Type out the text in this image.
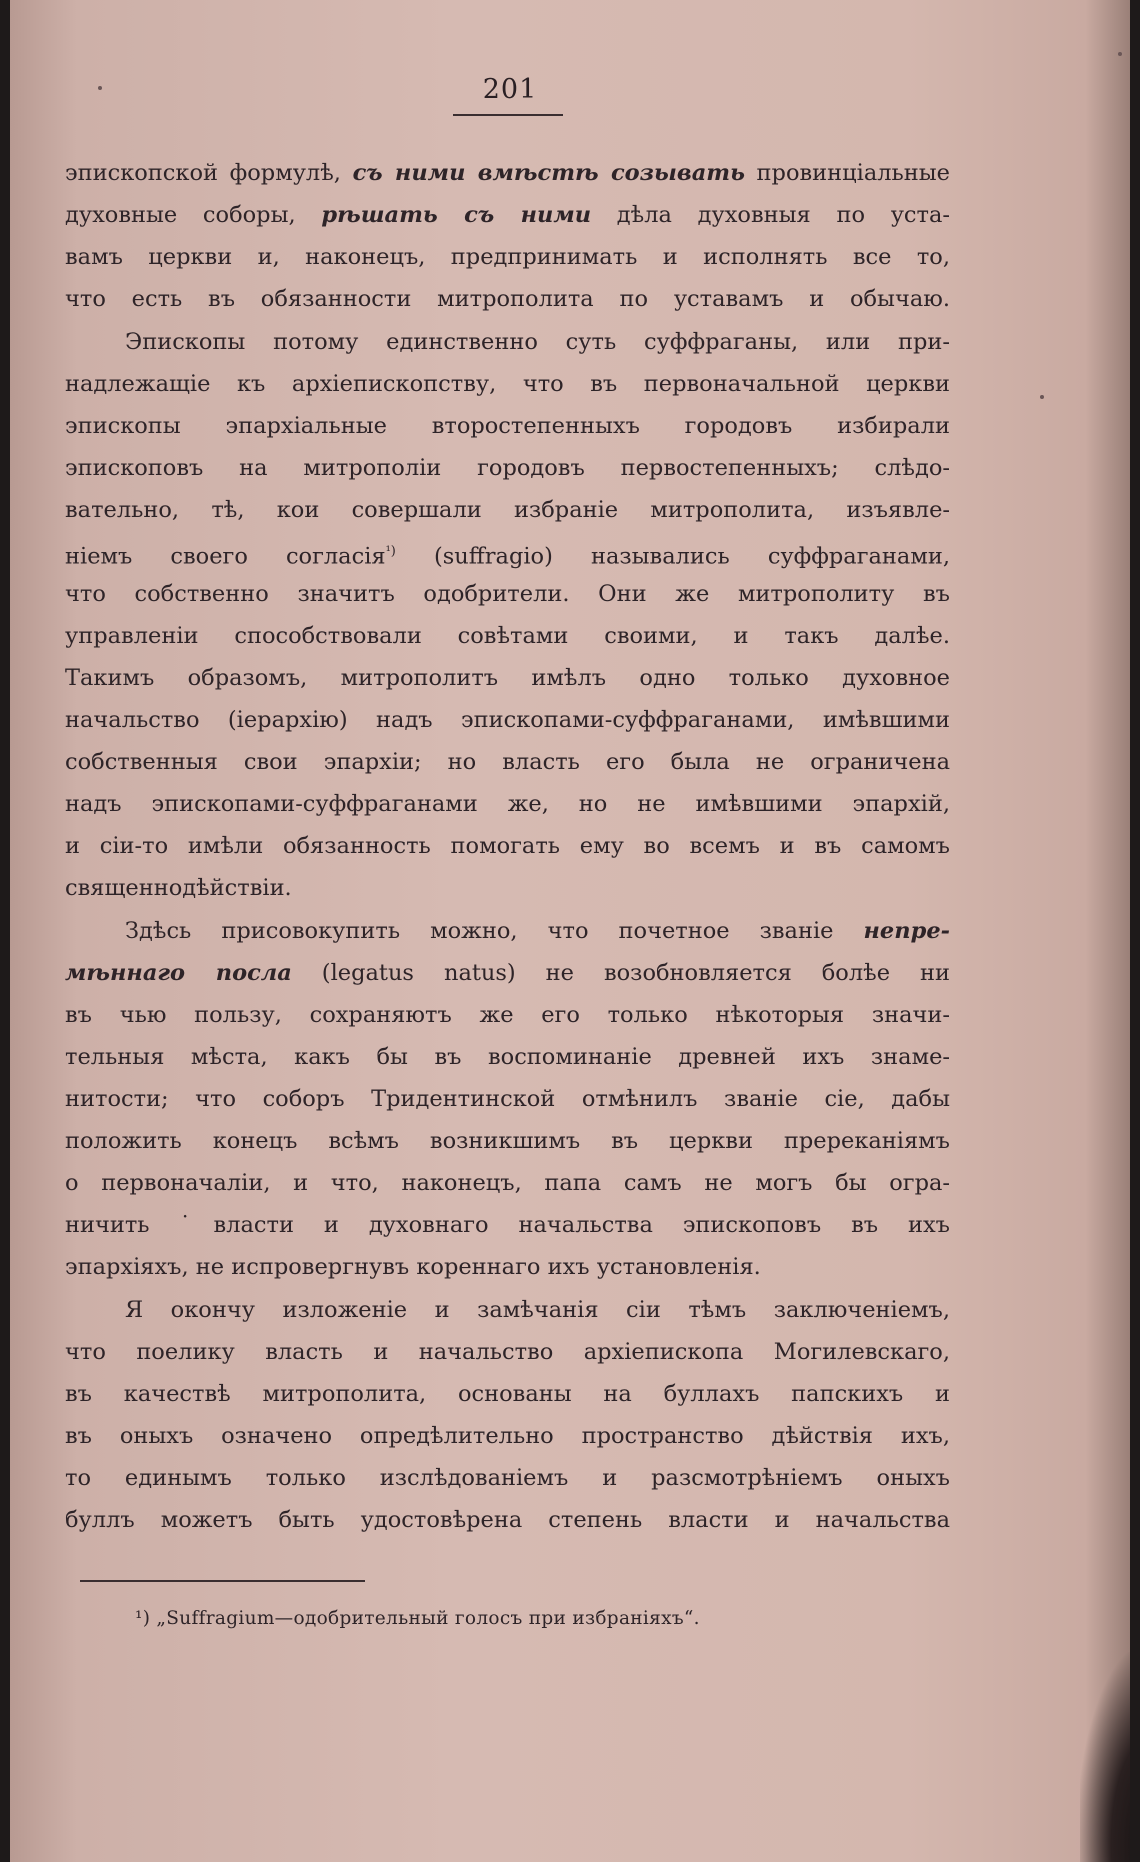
201
эпископской формулѣ, съ ними вмѣстѣ созывать провинціальные
духовные соборы, рѣшать съ ними дѣла духовныя по уста-
вамъ церкви и, наконецъ, предпринимать и исполнять все то,
что есть въ обязанности митрополита по уставамъ и обычаю.
Эпископы потому единственно суть суффраганы, или при-
надлежащіе къ архіепископству, что въ первоначальной церкви
эпископы эпархіальные второстепенныхъ городовъ избирали
эпископовъ на митрополіи городовъ первостепенныхъ; слѣдо-
вательно, тѣ, кои совершали избраніе митрополита, изъявле-
ніемъ своего согласія$^{^1)}$ (suffragio) назывались суффраганами,
что собственно значитъ одобрители. Они же митрополиту въ
управленіи способствовали совѣтами своими, и такъ далѣе.
Такимъ образомъ, митрополитъ имѣлъ одно только духовное
начальство (іерархію) надъ эпископами-суффраганами, имѣвшими
собственныя свои эпархіи; но власть его была не ограничена
надъ эпископами-суффраганами же, но не имѣвшими эпархій,
и сіи-то имѣли обязанность помогать ему во всемъ и въ самомъ
священнодѣйствіи.
Здѣсь присовокупить можно, что почетное званіе непре-
мѣннаго посла (legatus natus) не возобновляется болѣе ни
въ чью пользу, сохраняютъ же его только нѣкоторыя значи-
тельныя мѣста, какъ бы въ воспоминаніе древней ихъ знаме-
нитости; что соборъ Тридентинской отмѣнилъ званіе сіе, дабы
положить конецъ всѣмъ возникшимъ въ церкви пререканіямъ
о первоначаліи, и что, наконецъ, папа самъ не могъ бы огра-
ничить ˙власти и духовнаго начальства эпископовъ въ ихъ
эпархіяхъ, не испровергнувъ кореннаго ихъ установленія.
Я окончу изложеніе и замѣчанія сіи тѣмъ заключеніемъ,
что поелику власть и начальство архіепископа Могилевскаго,
въ качествѣ митрополита, основаны на буллахъ папскихъ и
въ оныхъ означено опредѣлительно пространство дѣйствія ихъ,
то единымъ только изслѣдованіемъ и разсмотрѣніемъ оныхъ
буллъ можетъ быть удостовѣрена степень власти и начальства
¹) „Suffragium—одобрительный голосъ при избраніяхъ“.
